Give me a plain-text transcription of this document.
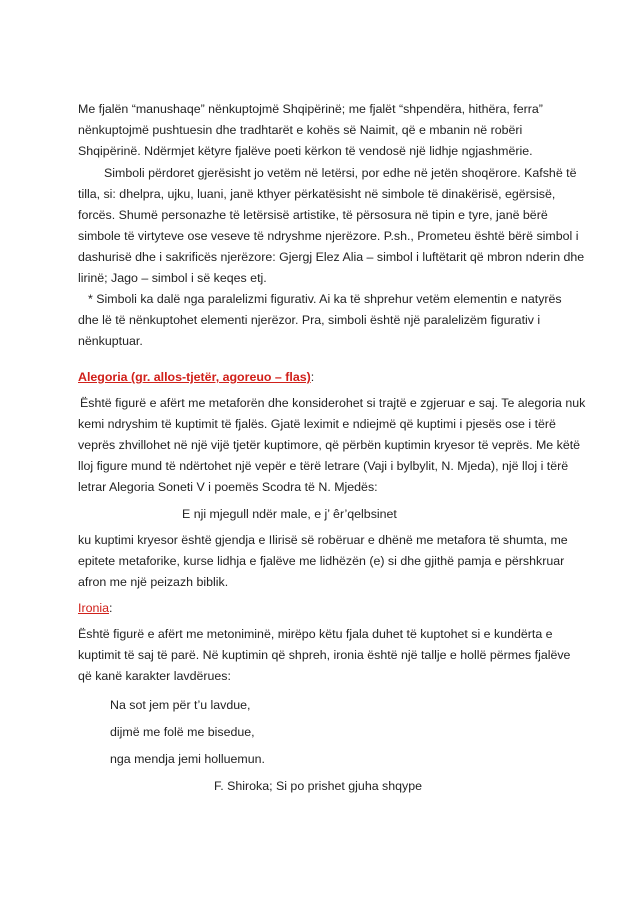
Me fjalën “manushaqe” nënkuptojmë Shqipërinë; me fjalët “shpendëra, hithëra, ferra”
nënkuptojmë pushtuesin dhe tradhtarët e kohës së Naimit, që e mbanin në robëri
Shqipërinë. Ndërmjet këtyre fjalëve poeti kërkon të vendosë një lidhje ngjashmërie.
Simboli përdoret gjerësisht jo vetëm në letërsi, por edhe në jetën shoqërore. Kafshë të
tilla, si: dhelpra, ujku, luani, janë kthyer përkatësisht në simbole të dinakërisë, egërsisë,
forcës. Shumë personazhe të letërsisë artistike, të përsosura në tipin e tyre, janë bërë
simbole të virtyteve ose veseve të ndryshme njerëzore. P.sh., Prometeu është bërë simbol i
dashurisë dhe i sakrificës njerëzore: Gjergj Elez Alia – simbol i luftëtarit që mbron nderin dhe
lirinë; Jago – simbol i së keqes etj.
* Simboli ka dalë nga paralelizmi figurativ. Ai ka të shprehur vetëm elementin e natyrës
dhe lë të nënkuptohet elementi njerëzor. Pra, simboli është një paralelizëm figurativ i
nënkuptuar.
Alegoria (gr. allos-tjetër, agoreuo – flas):
Është figurë e afërt me metaforën dhe konsiderohet si trajtë e zgjeruar e saj. Te alegoria nuk
kemi ndryshim të kuptimit të fjalës. Gjatë leximit e ndiejmë që kuptimi i pjesës ose i tërë
veprës zhvillohet në një vijë tjetër kuptimore, që përbën kuptimin kryesor të veprës. Me këtë
lloj figure mund të ndërtohet një vepër e tërë letrare (Vaji i bylbylit, N. Mjeda), një lloj i tërë
letrar Alegoria Soneti V i poemës Scodra të N. Mjedës:
E nji mjegull ndër male, e j’ êr’qelbsinet
ku kuptimi kryesor është gjendja e Ilirisë së robëruar e dhënë me metafora të shumta, me
epitete metaforike, kurse lidhja e fjalëve me lidhëzën (e) si dhe gjithë pamja e përshkruar
afron me një peizazh biblik.
Ironia:
Është figurë e afërt me metoniminë, mirëpo këtu fjala duhet të kuptohet si e kundërta e
kuptimit të saj të parë. Në kuptimin që shpreh, ironia është një tallje e hollë përmes fjalëve
që kanë karakter lavdërues:
Na sot jem për t’u lavdue,
dijmë me folë me bisedue,
nga mendja jemi holluemun.
F. Shiroka; Si po prishet gjuha shqype
